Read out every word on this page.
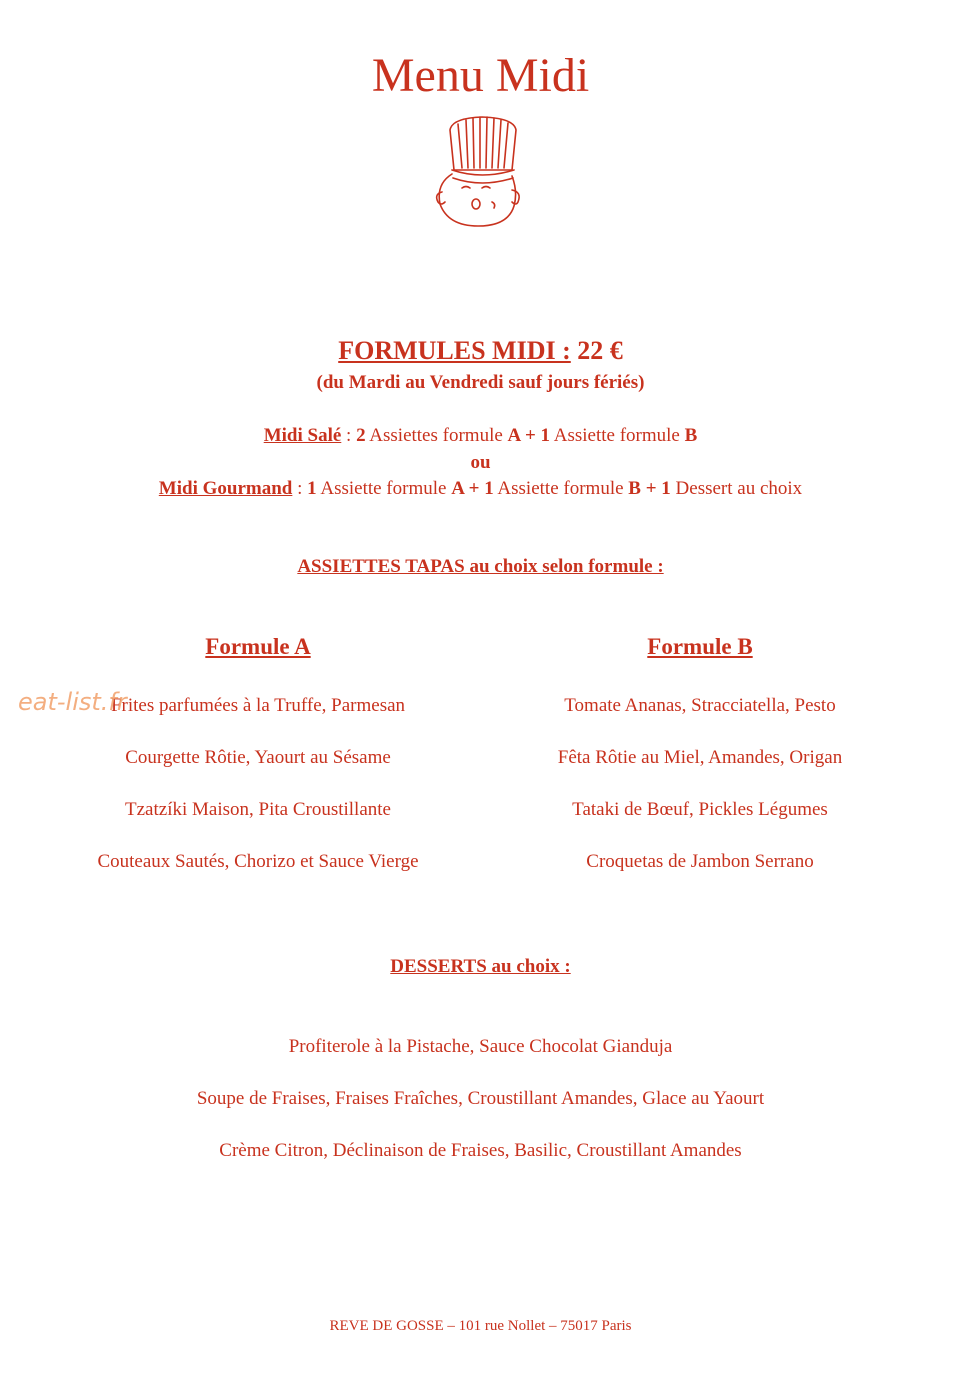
Menu Midi
FORMULES MIDI : 22 €
(du Mardi au Vendredi sauf jours fériés)
Midi Salé : 2 Assiettes formule A + 1 Assiette formule B
ou
Midi Gourmand : 1 Assiette formule A + 1 Assiette formule B + 1 Dessert au choix
ASSIETTES TAPAS au choix selon formule :
Formule A	Formule B
Frites parfumées à la Truffe, Parmesan
Courgette Rôtie, Yaourt au Sésame
Tzatzíki Maison, Pita Croustillante
Couteaux Sautés, Chorizo et Sauce Vierge
Tomate Ananas, Stracciatella, Pesto
Fêta Rôtie au Miel, Amandes, Origan
Tataki de Bœuf, Pickles Légumes
Croquetas de Jambon Serrano
eat-list.fr
DESSERTS au choix :
Profiterole à la Pistache, Sauce Chocolat Gianduja
Soupe de Fraises, Fraises Fraîches, Croustillant Amandes, Glace au Yaourt
Crème Citron, Déclinaison de Fraises, Basilic, Croustillant Amandes
REVE DE GOSSE – 101 rue Nollet – 75017 Paris
